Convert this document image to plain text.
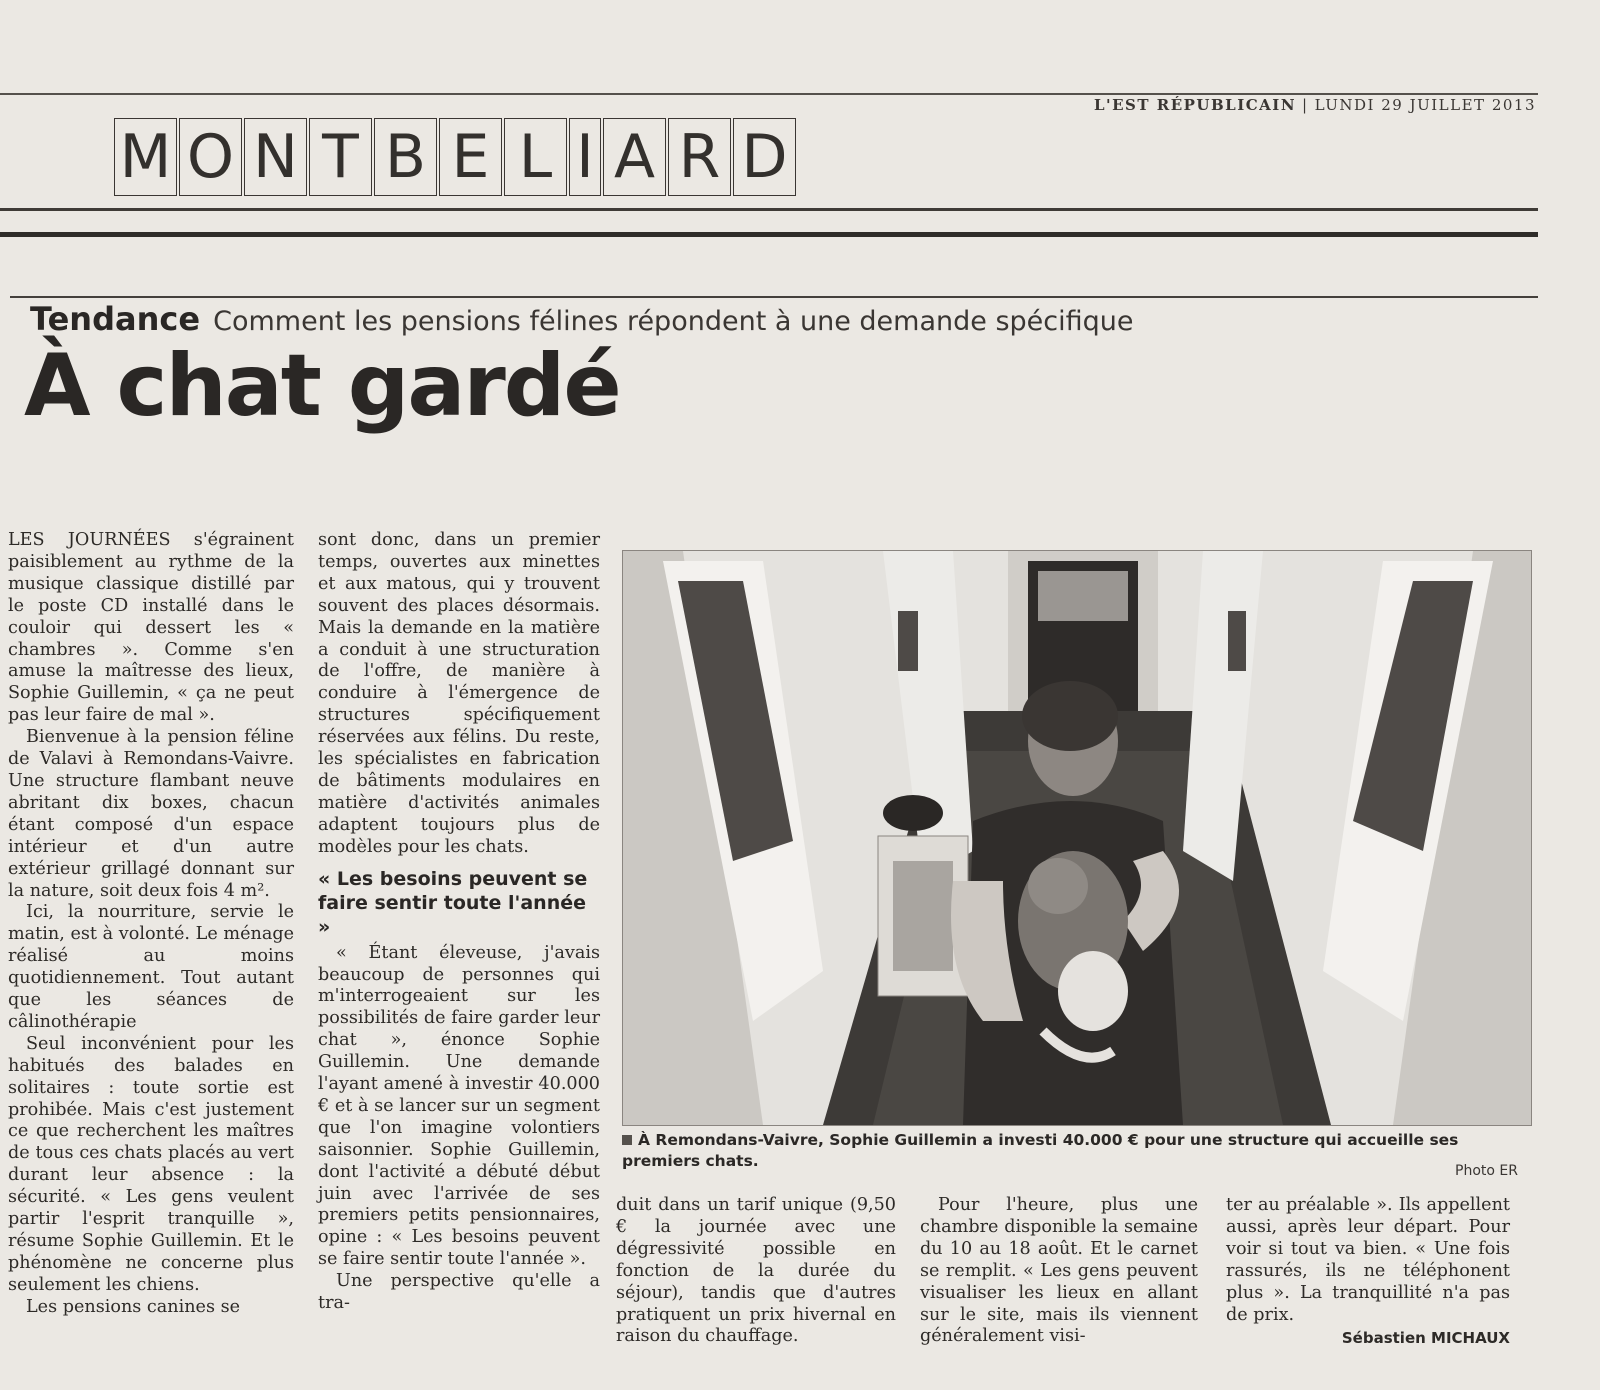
L'EST RÉPUBLICAIN | LUNDI 29 JUILLET 2013
M O N T B E L I A R D
Tendance Comment les pensions félines répondent à une demande spécifique
À chat gardé

LES JOURNÉES s'égrainent paisiblement au rythme de la musique classique distillé par le poste CD installé dans le couloir qui dessert les « chambres ». Comme s'en amuse la maîtresse des lieux, Sophie Guillemin, « ça ne peut pas leur faire de mal ».

Bienvenue à la pension féline de Valavi à Remondans-Vaivre. Une structure flambant neuve abritant dix boxes, chacun étant composé d'un espace intérieur et d'un autre extérieur grillagé donnant sur la nature, soit deux fois 4 m².

Ici, la nourriture, servie le matin, est à volonté. Le ménage réalisé au moins quotidiennement. Tout autant que les séances de câlinothérapie

Seul inconvénient pour les habitués des balades en solitaires : toute sortie est prohibée. Mais c'est justement ce que recherchent les maîtres de tous ces chats placés au vert durant leur absence : la sécurité. « Les gens veulent partir l'esprit tranquille », résume Sophie Guillemin. Et le phénomène ne concerne plus seulement les chiens.

Les pensions canines se

sont donc, dans un premier temps, ouvertes aux minettes et aux matous, qui y trouvent souvent des places désormais. Mais la demande en la matière a conduit à une structuration de l'offre, de manière à conduire à l'émergence de structures spécifiquement réservées aux félins. Du reste, les spécialistes en fabrication de bâtiments modulaires en matière d'activités animales adaptent toujours plus de modèles pour les chats.

« Les besoins peuvent se faire sentir toute l'année »

« Étant éleveuse, j'avais beaucoup de personnes qui m'interrogeaient sur les possibilités de faire garder leur chat », énonce Sophie Guillemin. Une demande l'ayant amené à investir 40.000 € et à se lancer sur un segment que l'on imagine volontiers saisonnier. Sophie Guillemin, dont l'activité a débuté début juin avec l'arrivée de ses premiers petits pensionnaires, opine : « Les besoins peuvent se faire sentir toute l'année ».

Une perspective qu'elle a tra-

À Remondans-Vaivre, Sophie Guillemin a investi 40.000 € pour une structure qui accueille ses premiers chats.
Photo ER

duit dans un tarif unique (9,50 € la journée avec une dégressivité possible en fonction de la durée du séjour), tandis que d'autres pratiquent un prix hivernal en raison du chauffage.

Pour l'heure, plus une chambre disponible la semaine du 10 au 18 août. Et le carnet se remplit. « Les gens peuvent visualiser les lieux en allant sur le site, mais ils viennent généralement visi-

ter au préalable ». Ils appellent aussi, après leur départ. Pour voir si tout va bien. « Une fois rassurés, ils ne téléphonent plus ». La tranquillité n'a pas de prix.

Sébastien MICHAUX
